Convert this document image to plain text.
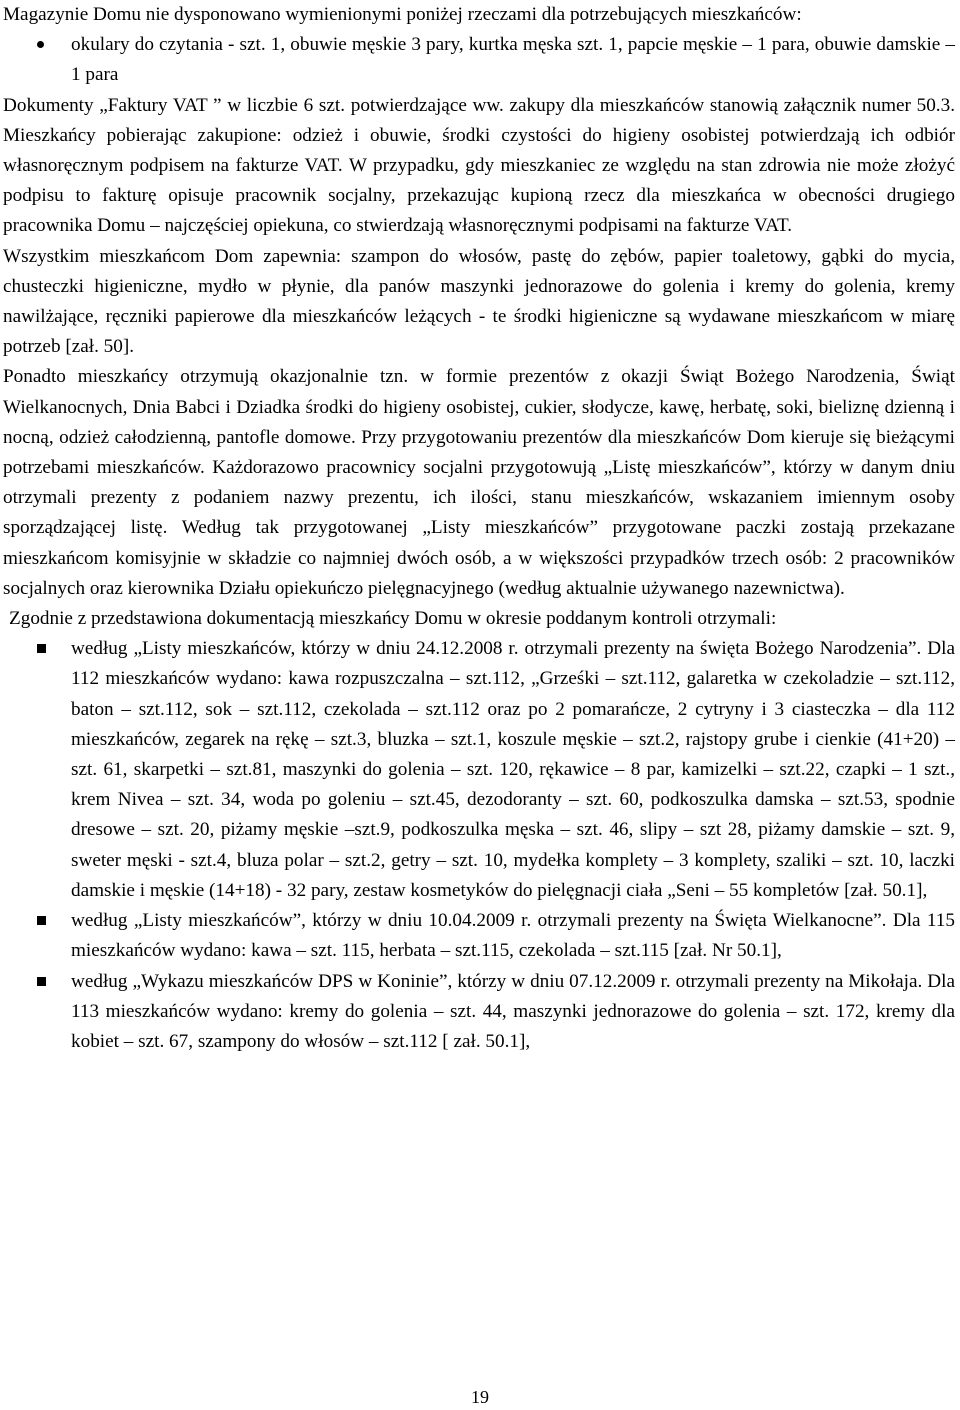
Magazynie Domu nie dysponowano wymienionymi poniżej rzeczami dla potrzebujących mieszkańców:

okulary do czytania - szt. 1, obuwie męskie 3 pary, kurtka męska szt. 1, papcie męskie – 1 para, obuwie damskie – 1 para

Dokumenty „Faktury VAT ” w liczbie 6 szt. potwierdzające ww. zakupy dla mieszkańców stanowią załącznik numer 50.3. Mieszkańcy pobierając zakupione: odzież i obuwie, środki czystości do higieny osobistej potwierdzają ich odbiór własnoręcznym podpisem na fakturze VAT. W przypadku, gdy mieszkaniec ze względu na stan zdrowia nie może złożyć podpisu to fakturę opisuje pracownik socjalny, przekazując kupioną rzecz dla mieszkańca w obecności drugiego pracownika Domu – najczęściej opiekuna, co stwierdzają własnoręcznymi podpisami na fakturze VAT.

Wszystkim mieszkańcom Dom zapewnia: szampon do włosów, pastę do zębów, papier toaletowy, gąbki do mycia, chusteczki higieniczne, mydło w płynie, dla panów maszynki jednorazowe do golenia i kremy do golenia, kremy nawilżające, ręczniki papierowe dla mieszkańców leżących - te środki higieniczne są wydawane mieszkańcom w miarę potrzeb [zał. 50].

Ponadto mieszkańcy otrzymują okazjonalnie tzn. w formie prezentów z okazji Świąt Bożego Narodzenia, Świąt Wielkanocnych, Dnia Babci i Dziadka środki do higieny osobistej, cukier, słodycze, kawę, herbatę, soki, bieliznę dzienną i nocną, odzież całodzienną, pantofle domowe. Przy przygotowaniu prezentów dla mieszkańców Dom kieruje się bieżącymi potrzebami mieszkańców. Każdorazowo pracownicy socjalni przygotowują „Listę mieszkańców”, którzy w danym dniu otrzymali prezenty z podaniem nazwy prezentu, ich ilości, stanu mieszkańców, wskazaniem imiennym osoby sporządzającej listę. Według tak przygotowanej „Listy mieszkańców” przygotowane paczki zostają przekazane mieszkańcom komisyjnie w składzie co najmniej dwóch osób, a w większości przypadków trzech osób: 2 pracowników socjalnych oraz kierownika Działu opiekuńczo pielęgnacyjnego (według aktualnie używanego nazewnictwa).

Zgodnie z przedstawiona dokumentacją mieszkańcy Domu w okresie poddanym kontroli otrzymali:

według „Listy mieszkańców, którzy w dniu 24.12.2008 r. otrzymali prezenty na święta Bożego Narodzenia”. Dla 112 mieszkańców wydano: kawa rozpuszczalna – szt.112, „Grześki – szt.112, galaretka w czekoladzie – szt.112, baton – szt.112, sok – szt.112, czekolada – szt.112 oraz po 2 pomarańcze, 2 cytryny i 3 ciasteczka – dla 112 mieszkańców, zegarek na rękę – szt.3, bluzka – szt.1, koszule męskie – szt.2, rajstopy grube i cienkie (41+20) – szt. 61, skarpetki – szt.81, maszynki do golenia – szt. 120, rękawice – 8 par, kamizelki – szt.22, czapki – 1 szt., krem Nivea – szt. 34, woda po goleniu – szt.45, dezodoranty – szt. 60, podkoszulka damska – szt.53, spodnie dresowe – szt. 20, piżamy męskie –szt.9, podkoszulka męska – szt. 46, slipy – szt 28, piżamy damskie – szt. 9, sweter męski - szt.4, bluza polar – szt.2, getry – szt. 10, mydełka komplety – 3 komplety, szaliki – szt. 10, laczki damskie i męskie (14+18) - 32 pary, zestaw kosmetyków do pielęgnacji ciała „Seni – 55 kompletów [zał. 50.1],
według „Listy mieszkańców”, którzy w dniu 10.04.2009 r. otrzymali prezenty na Święta Wielkanocne”. Dla 115 mieszkańców wydano: kawa – szt. 115, herbata – szt.115, czekolada – szt.115 [zał. Nr 50.1],
według „Wykazu mieszkańców DPS w Koninie”, którzy w dniu 07.12.2009 r. otrzymali prezenty na Mikołaja. Dla 113 mieszkańców wydano: kremy do golenia – szt. 44, maszynki jednorazowe do golenia – szt. 172, kremy dla kobiet – szt. 67, szampony do włosów – szt.112 [ zał. 50.1],
19
